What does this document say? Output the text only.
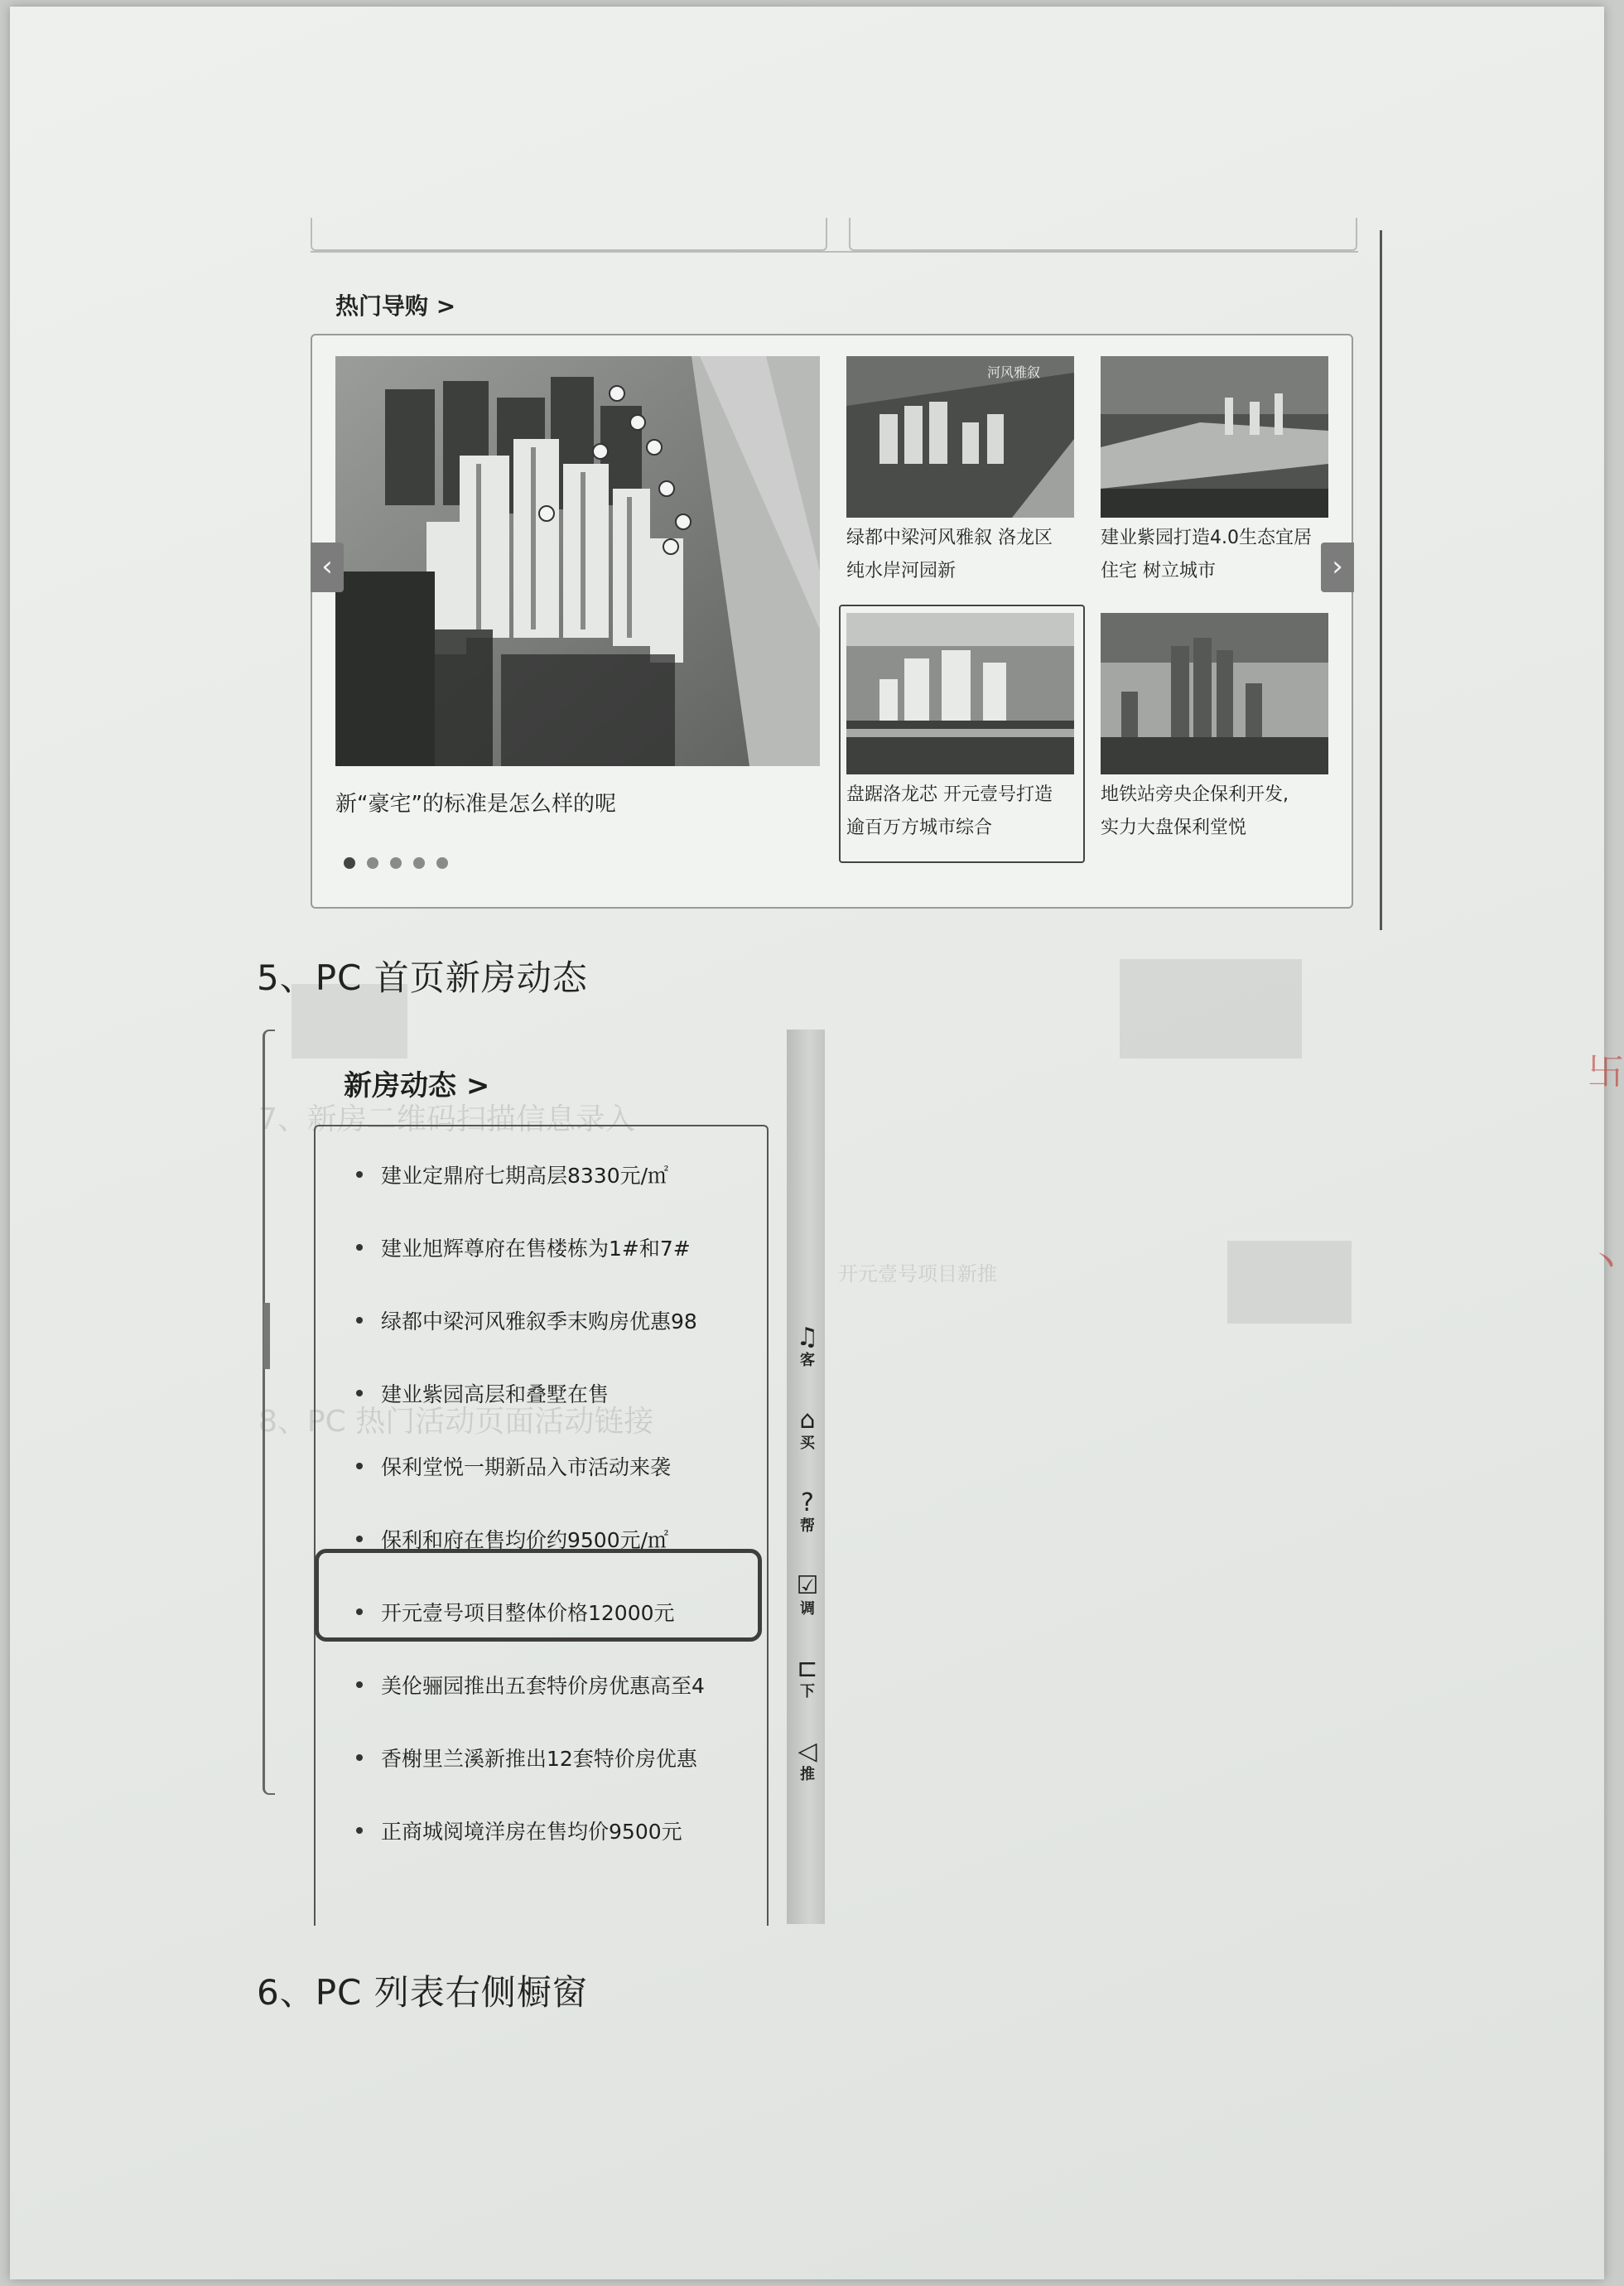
7、新房二维码扫描信息录入
8、PC 热门活动页面活动链接
开元壹号项目新推
卐
丶
热门导购 >
新“豪宅”的标准是怎么样的呢
河风雅叙
绿都中梁河风雅叙 洛龙区
纯水岸河园新
建业紫园打造4.0生态宜居
住宅 树立城市
盘踞洛龙芯 开元壹号打造
逾百万方城市综合
地铁站旁央企保利开发,
实力大盘保利堂悦
‹	›
5、PC 首页新房动态
新房动态 >
建业定鼎府七期高层8330元/㎡
建业旭辉尊府在售楼栋为1#和7#
绿都中梁河风雅叙季末购房优惠98
建业紫园高层和叠墅在售
保利堂悦一期新品入市活动来袭
保利和府在售均价约9500元/㎡
开元壹号项目整体价格12000元
美伦骊园推出五套特价房优惠高至4
香榭里兰溪新推出12套特价房优惠
正商城阅境洋房在售均价9500元
♫
客
⌂
买
?
帮
☑
调
⊏
下
◁
推
6、PC 列表右侧橱窗
